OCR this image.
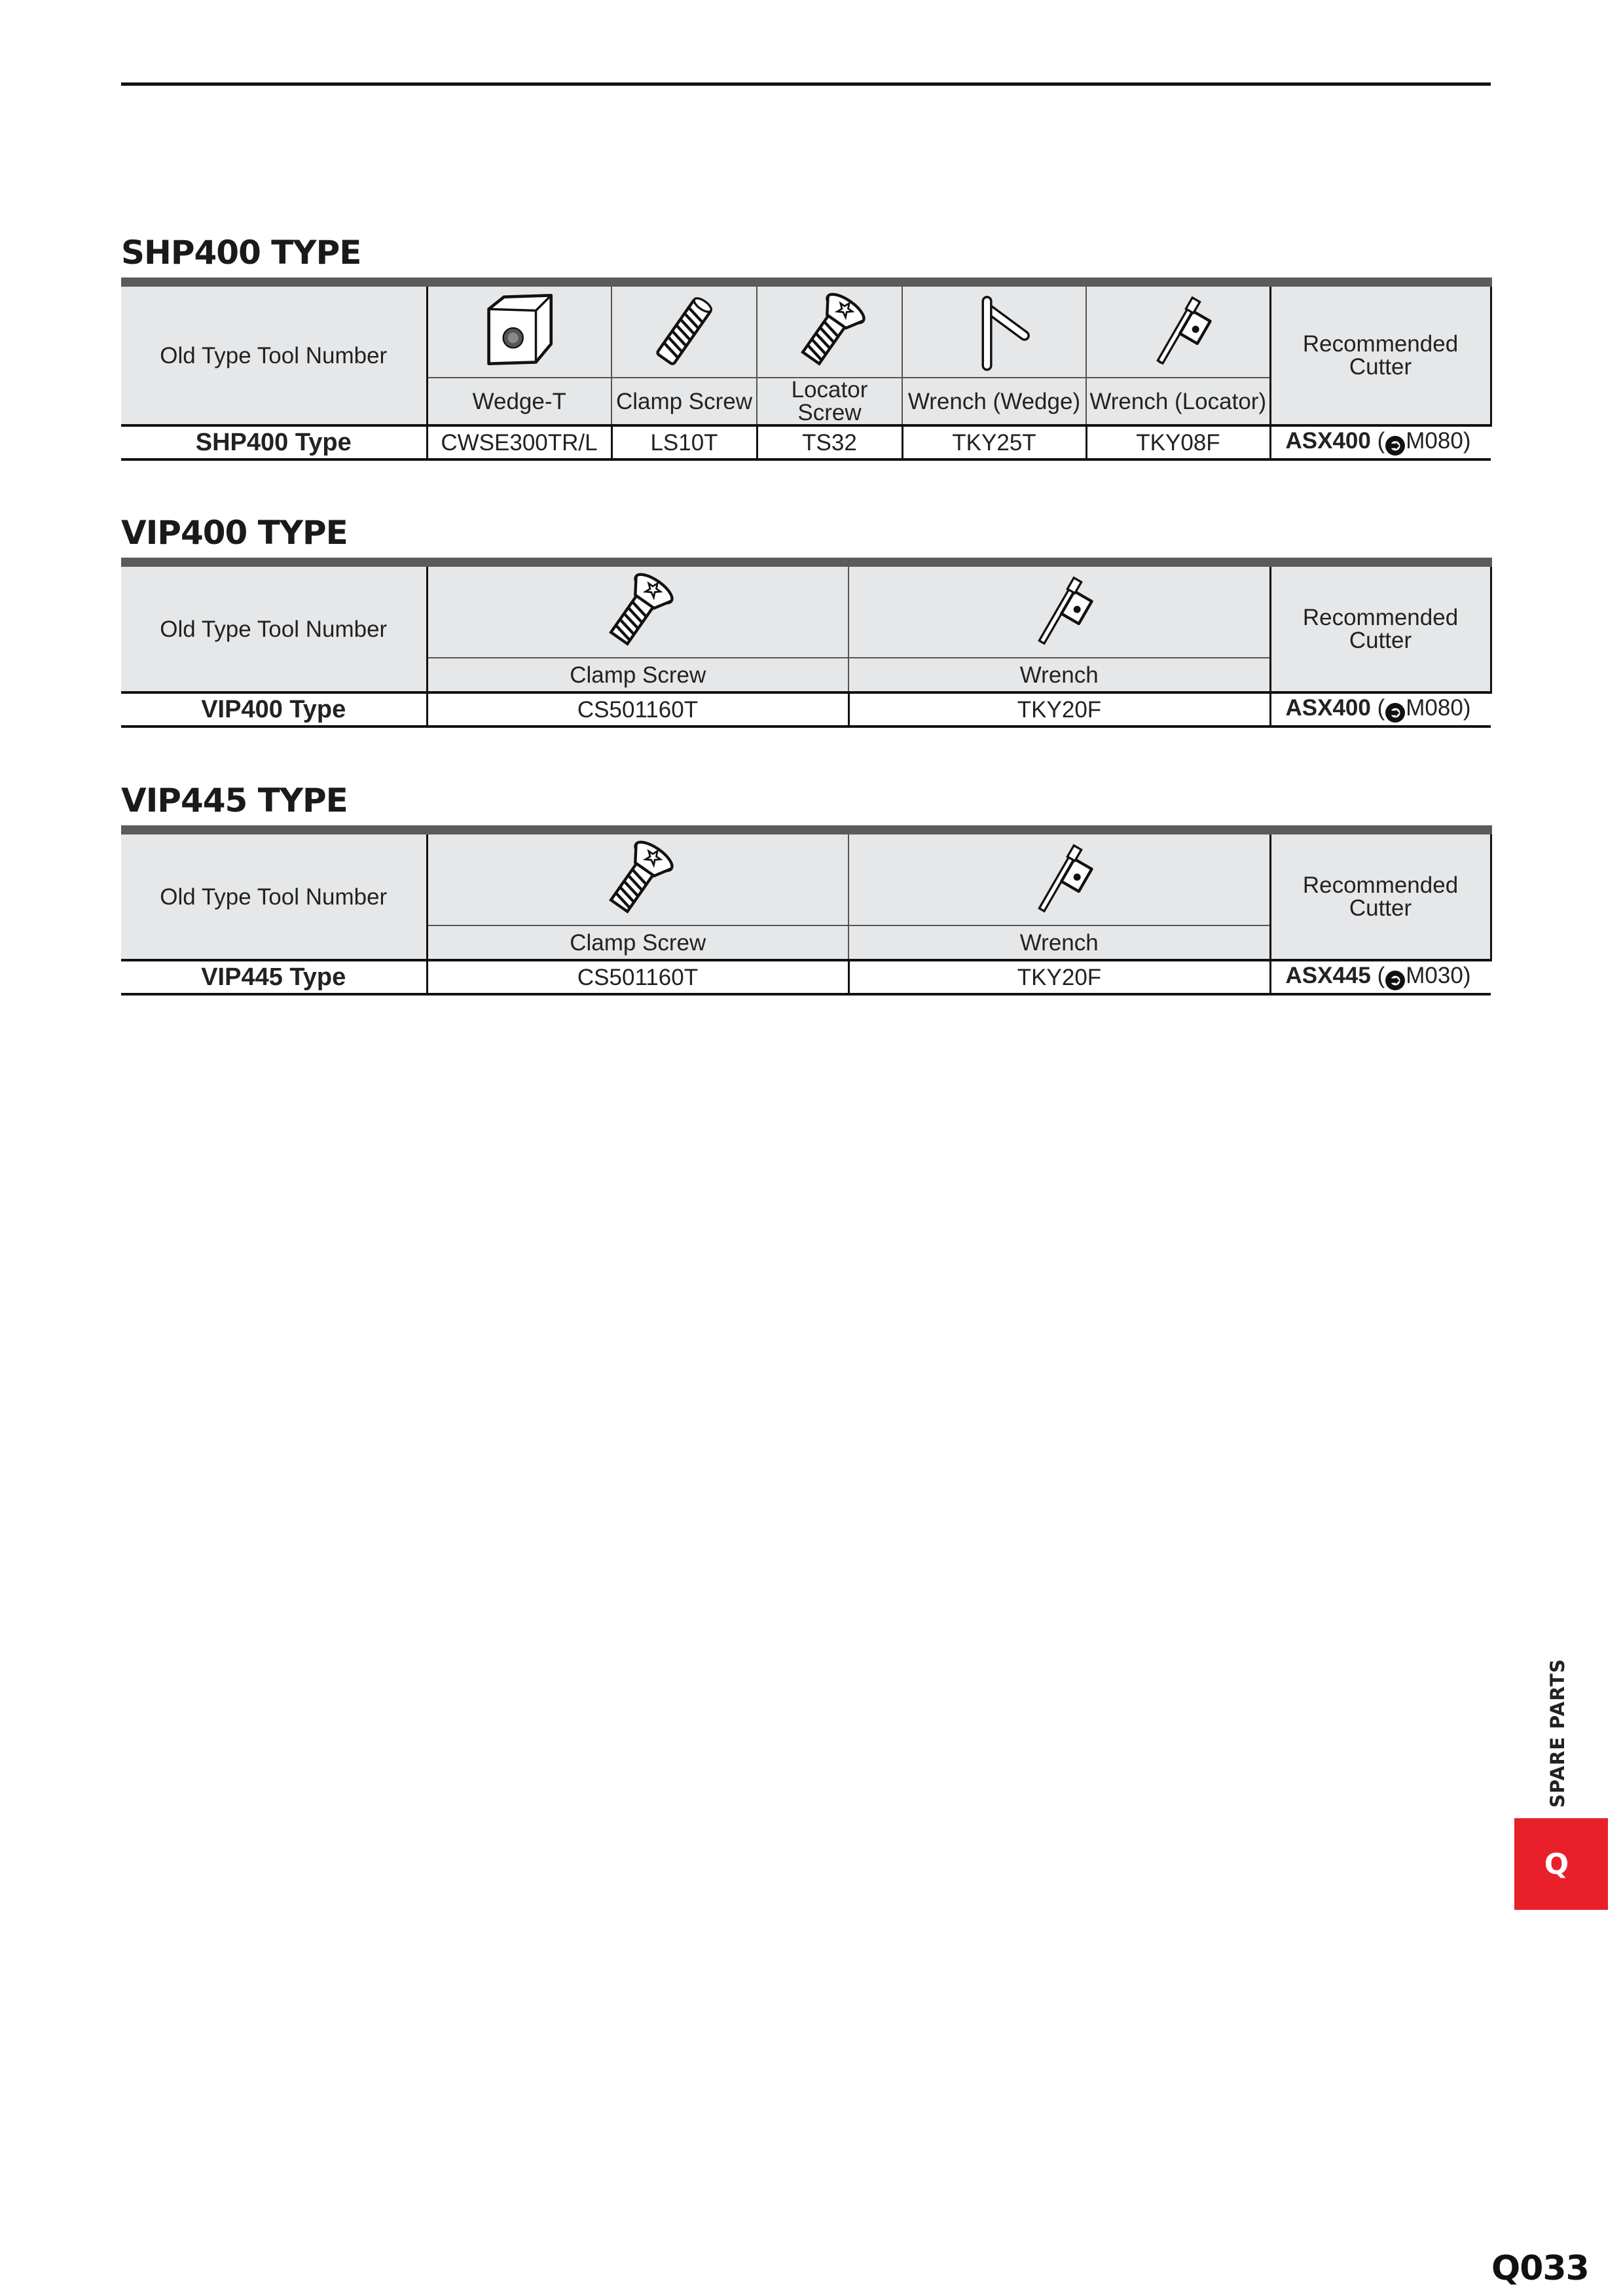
SHP400 TYPE
Old Type Tool Number						Recommended
Cutter
	Wedge-T	Clamp Screw	Locator Screw	Wrench (Wedge)	Wrench (Locator)	
SHP400 Type	CWSE300TR/L	LS10T	TS32	TKY25T	TKY08F	ASX400 ( ➲ M080)
VIP400 TYPE
Old Type Tool Number			Recommended
Cutter
	Clamp Screw	Wrench	
VIP400 Type	CS501160T	TKY20F	ASX400 ( ➲ M080)
VIP445 TYPE
Old Type Tool Number			Recommended
Cutter
	Clamp Screw	Wrench	
VIP445 Type	CS501160T	TKY20F	ASX445 ( ➲ M030)
SPARE PARTS
Q
Q033
